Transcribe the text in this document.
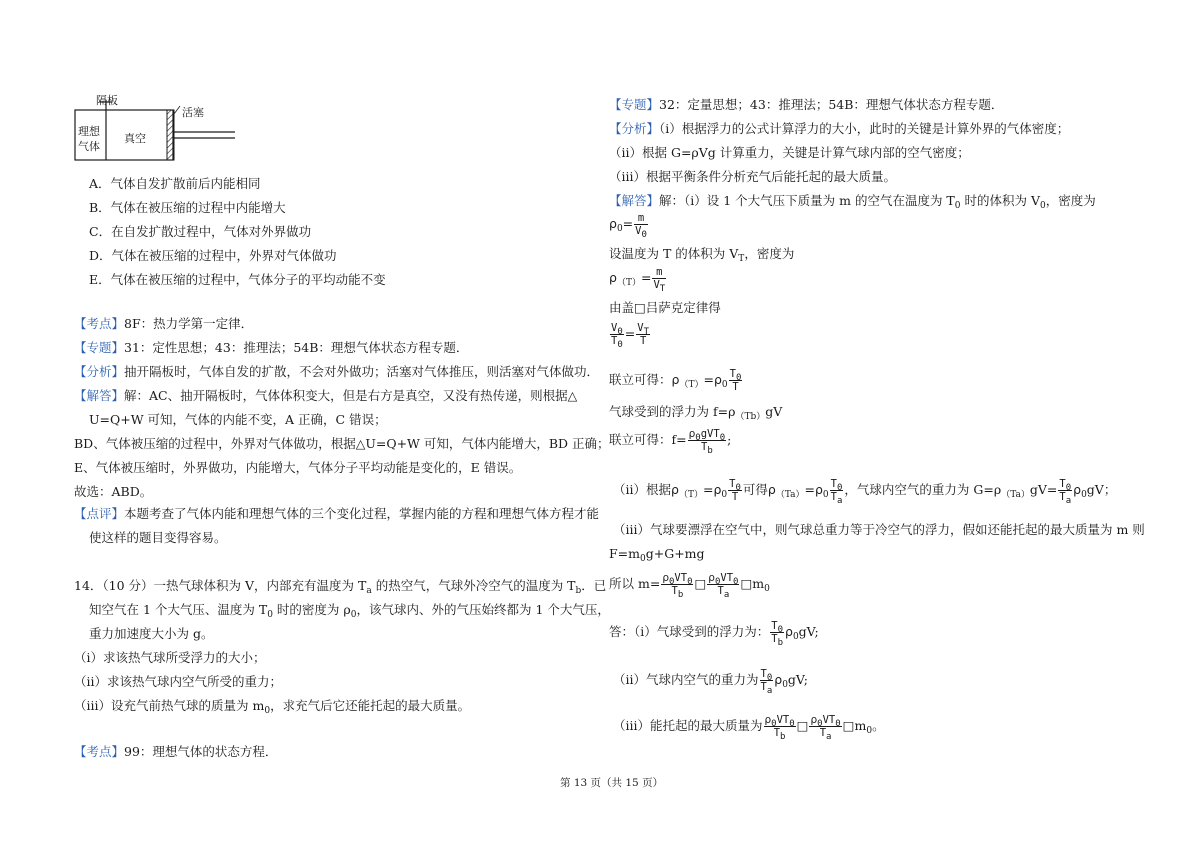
隔板
活塞
理想气体
真空
A．气体自发扩散前后内能相同
B．气体在被压缩的过程中内能增大
C．在自发扩散过程中，气体对外界做功
D．气体在被压缩的过程中，外界对气体做功
E．气体在被压缩的过程中，气体分子的平均动能不变
【考点】8F：热力学第一定律．
【专题】31：定性思想；43：推理法；54B：理想气体状态方程专题．
【分析】抽开隔板时，气体自发的扩散，不会对外做功；活塞对气体推压，则活塞对气体做功．
【解答】解：AC、抽开隔板时，气体体积变大，但是右方是真空，又没有热传递，则根据△
U=Q+W 可知，气体的内能不变，A 正确，C 错误；
BD、气体被压缩的过程中，外界对气体做功，根据△U=Q+W 可知，气体内能增大，BD 正确；
E、气体被压缩时，外界做功，内能增大，气体分子平均动能是变化的，E 错误。
故选：ABD。
【点评】本题考查了气体内能和理想气体的三个变化过程，掌握内能的方程和理想气体方程才能
使这样的题目变得容易。
14．（10 分）一热气球体积为 V，内部充有温度为 $T_a$ 的热空气，气球外冷空气的温度为 $T_b$．已
知空气在 1 个大气压、温度为 $T_0$ 时的密度为 $\rho_0$，该气球内、外的气压始终都为 1 个大气压，
重力加速度大小为 g。
（i）求该热气球所受浮力的大小；
（ii）求该热气球内空气所受的重力；
（iii）设充气前热气球的质量为 $m_0$，求充气后它还能托起的最大质量。
【考点】99：理想气体的状态方程．
【专题】32：定量思想；43：推理法；54B：理想气体状态方程专题．
【分析】（i）根据浮力的公式计算浮力的大小，此时的关键是计算外界的气体密度；
（ii）根据 G=ρVg 计算重力，关键是计算气球内部的空气密度；
（iii）根据平衡条件分析充气后能托起的最大质量。
【解答】解：（i）设 1 个大气压下质量为 m 的空气在温度为 $T_0$ 时的体积为 $V_0$，密度为
$\rho_0= \frac{m}{V_0}$
设温度为 T 的体积为 $V_T$，密度为
$\rho_{(T)}= \frac{m}{V_T}$
由盖□吕萨克定律得
$\frac{V_0}{T_0} = \frac{V_T}{T}$
联立可得：$\rho_{(T)}=\rho_0 \frac{T_0}{T}$
气球受到的浮力为 $f=\rho_{(Tb)}gV$
联立可得：$f= \frac{\rho_0gVT_0}{T_b}$ ;
（ii）根据$\rho_{(T)}=\rho_0 \frac{T_0}{T}$ 可得$\rho_{(Ta)}=\rho_0 \frac{T_0}{T_a}$ ，气球内空气的重力为 $G=\rho_{(Ta)}gV= \frac{T_0}{T_a} \rho_0gV$；
（iii）气球要漂浮在空气中，则气球总重力等于冷空气的浮力，假如还能托起的最大质量为 m 则
$F=m_0g+G+mg$
所以 $m= \frac{\rho_0VT_0}{T_b}$ □ $\frac{\rho_0VT_0}{T_a}$ $□m_0$
答：（i）气球受到的浮力为： $\frac{T_0}{T_b} \rho_0gV$;
（ii）气球内空气的重力为 $\frac{T_0}{T_a} \rho_0gV$;
（iii）能托起的最大质量为 $\frac{\rho_0VT_0}{T_b}$ □ $\frac{\rho_0VT_0}{T_a}$ $□m_0$。
第 13 页（共 15 页）
